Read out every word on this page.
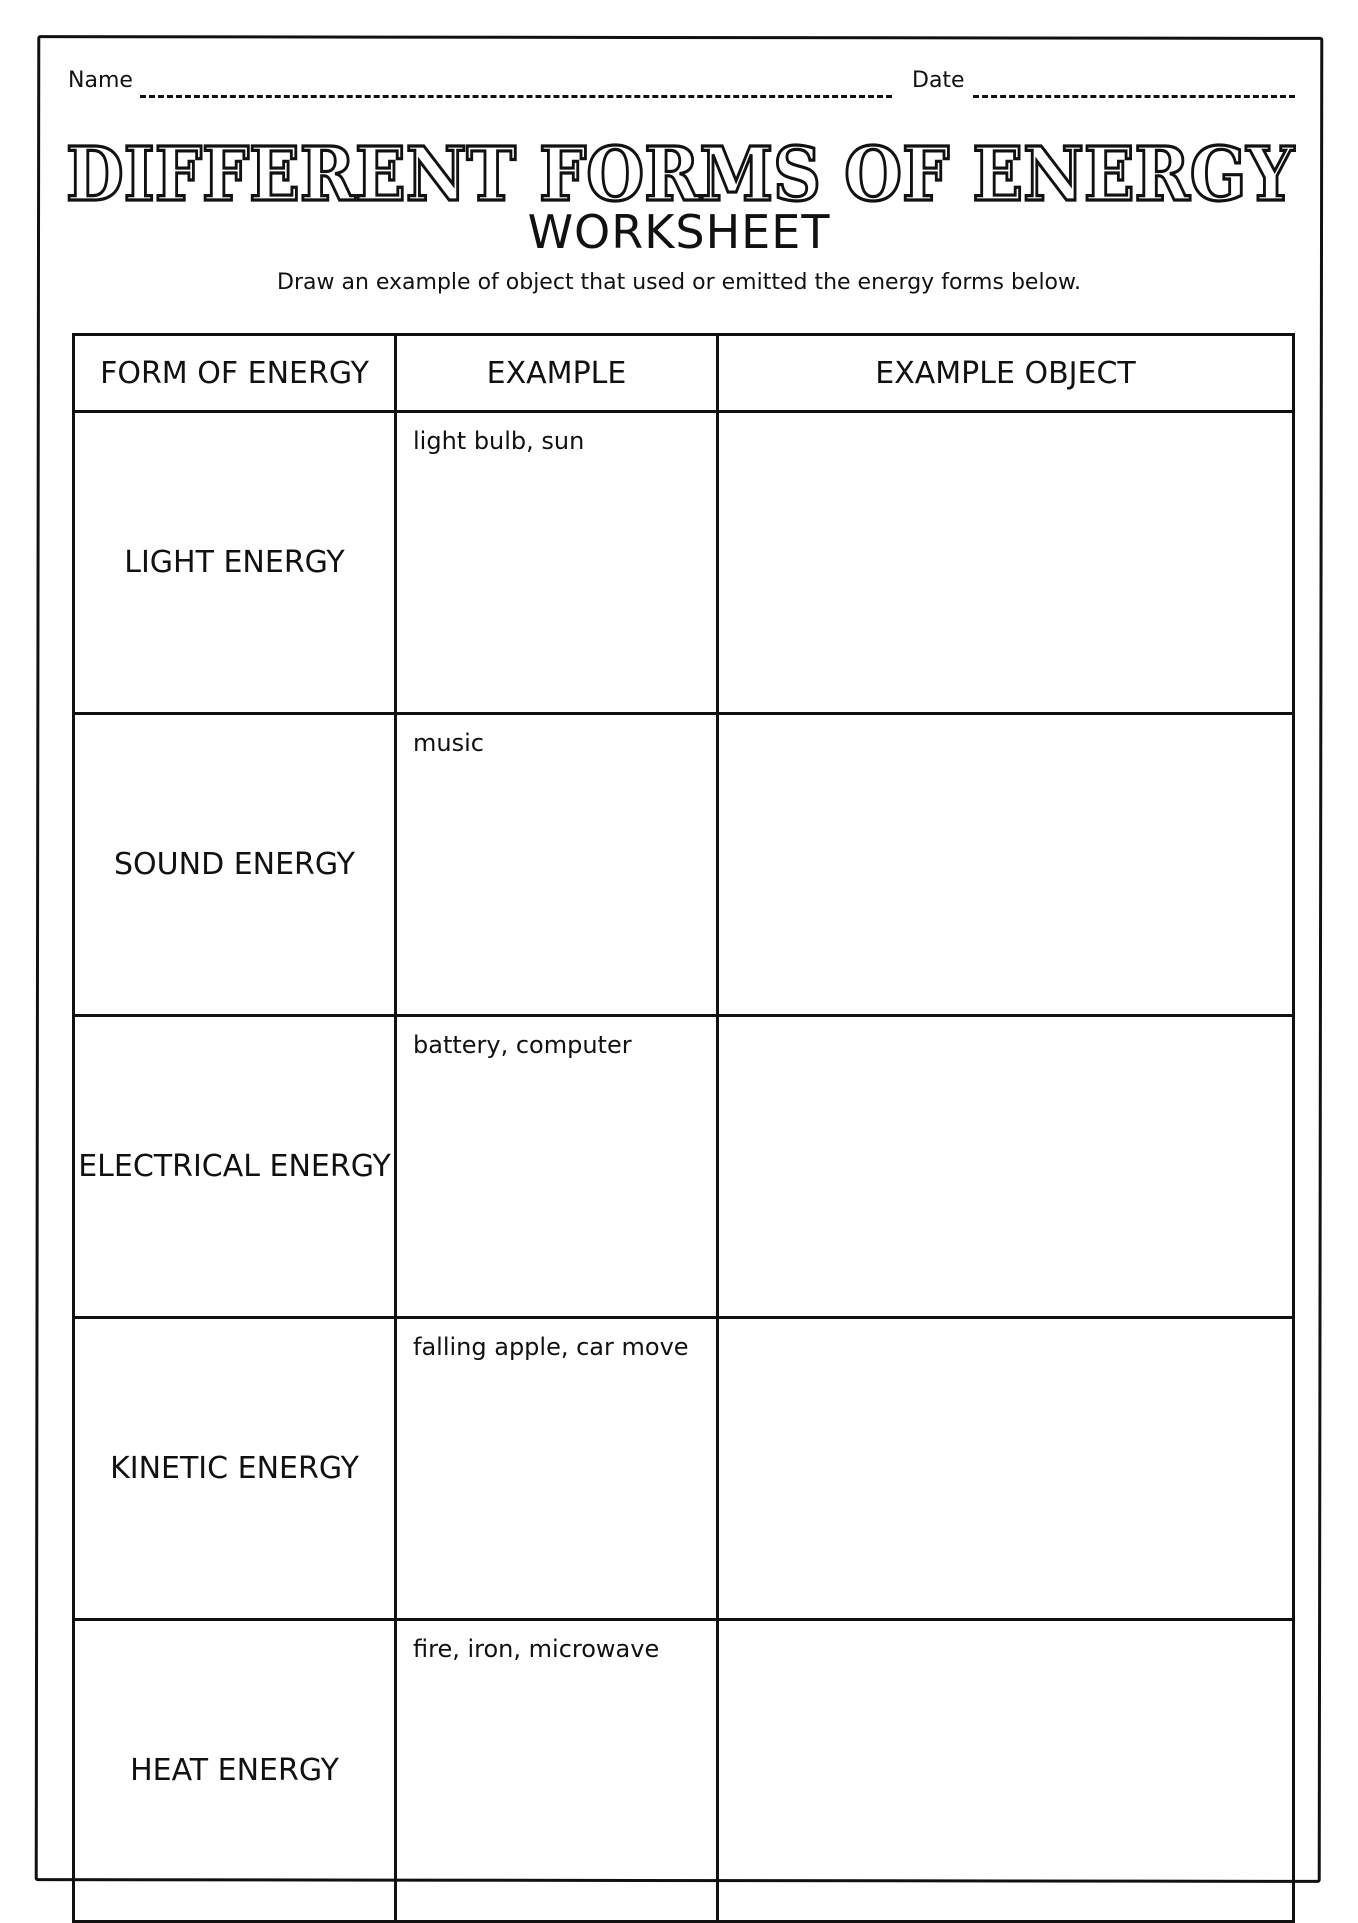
Name	Date
DIFFERENT FORMS OF ENERGY
WORKSHEET
Draw an example of object that used or emitted the energy forms below.
FORM OF ENERGY	EXAMPLE	EXAMPLE OBJECT
LIGHT ENERGY	light bulb, sun	
SOUND ENERGY	music	
ELECTRICAL ENERGY	battery, computer	
KINETIC ENERGY	falling apple, car move	
HEAT ENERGY	fire, iron, microwave	
